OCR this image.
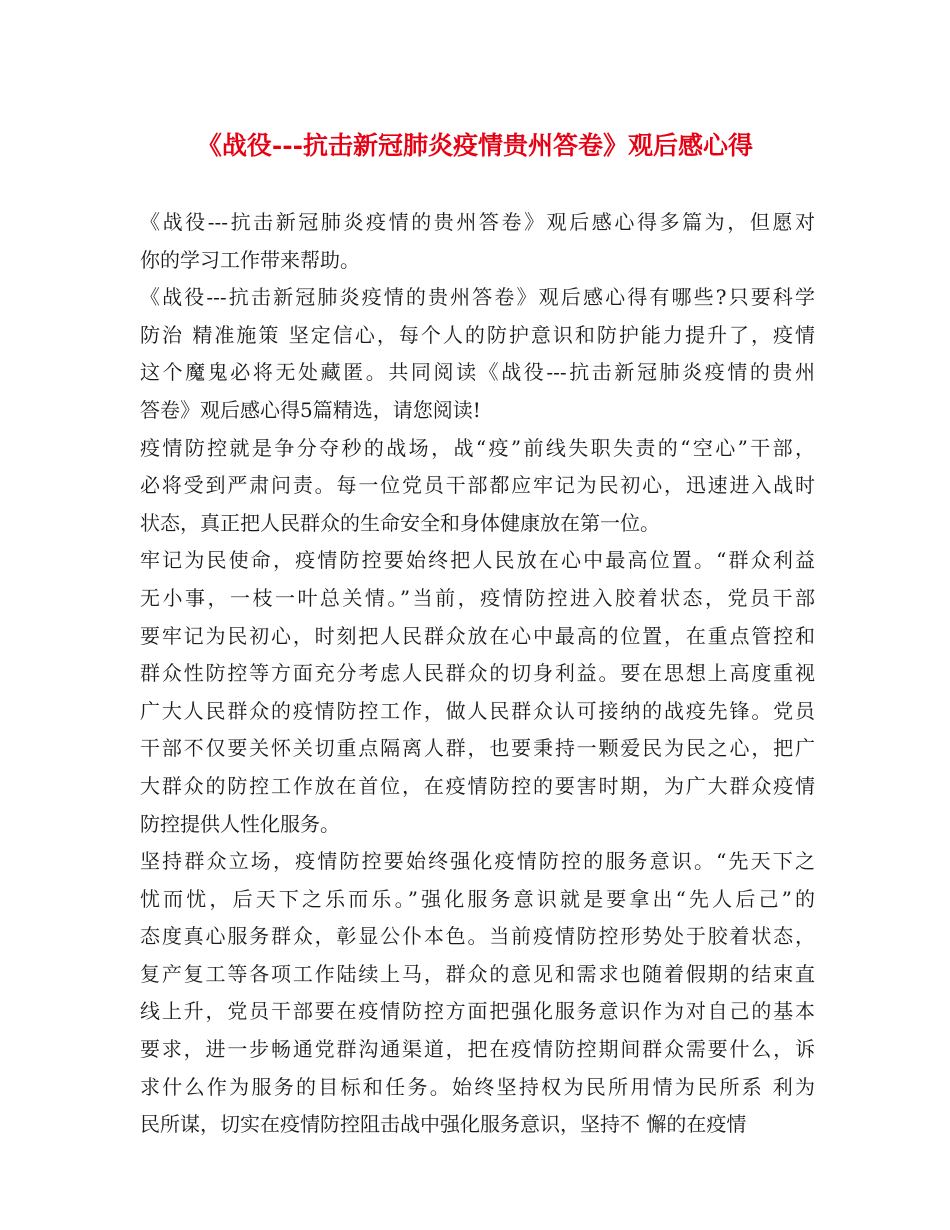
《战役---抗击新冠肺炎疫情贵州答卷》观后感心得
《战役---抗击新冠肺炎疫情的贵州答卷》观后感心得多篇为，但愿对
你的学习工作带来帮助。
《战役---抗击新冠肺炎疫情的贵州答卷》观后感心得有哪些?只要科学
防治 精准施策 坚定信心，每个人的防护意识和防护能力提升了，疫情
这个魔鬼必将无处藏匿。共同阅读《战役---抗击新冠肺炎疫情的贵州
答卷》观后感心得5篇精选，请您阅读!
疫情防控就是争分夺秒的战场，战“疫”前线失职失责的“空心”干部，
必将受到严肃问责。每一位党员干部都应牢记为民初心，迅速进入战时
状态，真正把人民群众的生命安全和身体健康放在第一位。
牢记为民使命，疫情防控要始终把人民放在心中最高位置。“群众利益
无小事，一枝一叶总关情。”当前，疫情防控进入胶着状态，党员干部
要牢记为民初心，时刻把人民群众放在心中最高的位置，在重点管控和
群众性防控等方面充分考虑人民群众的切身利益。要在思想上高度重视
广大人民群众的疫情防控工作，做人民群众认可接纳的战疫先锋。党员
干部不仅要关怀关切重点隔离人群，也要秉持一颗爱民为民之心，把广
大群众的防控工作放在首位，在疫情防控的要害时期，为广大群众疫情
防控提供人性化服务。
坚持群众立场，疫情防控要始终强化疫情防控的服务意识。“先天下之
忧而忧，后天下之乐而乐。”强化服务意识就是要拿出“先人后己”的
态度真心服务群众，彰显公仆本色。当前疫情防控形势处于胶着状态，
复产复工等各项工作陆续上马，群众的意见和需求也随着假期的结束直
线上升，党员干部要在疫情防控方面把强化服务意识作为对自己的基本
要求，进一步畅通党群沟通渠道，把在疫情防控期间群众需要什么，诉
求什么作为服务的目标和任务。始终坚持权为民所用情为民所系 利为
民所谋，切实在疫情防控阻击战中强化服务意识，坚持不 懈的在疫情
